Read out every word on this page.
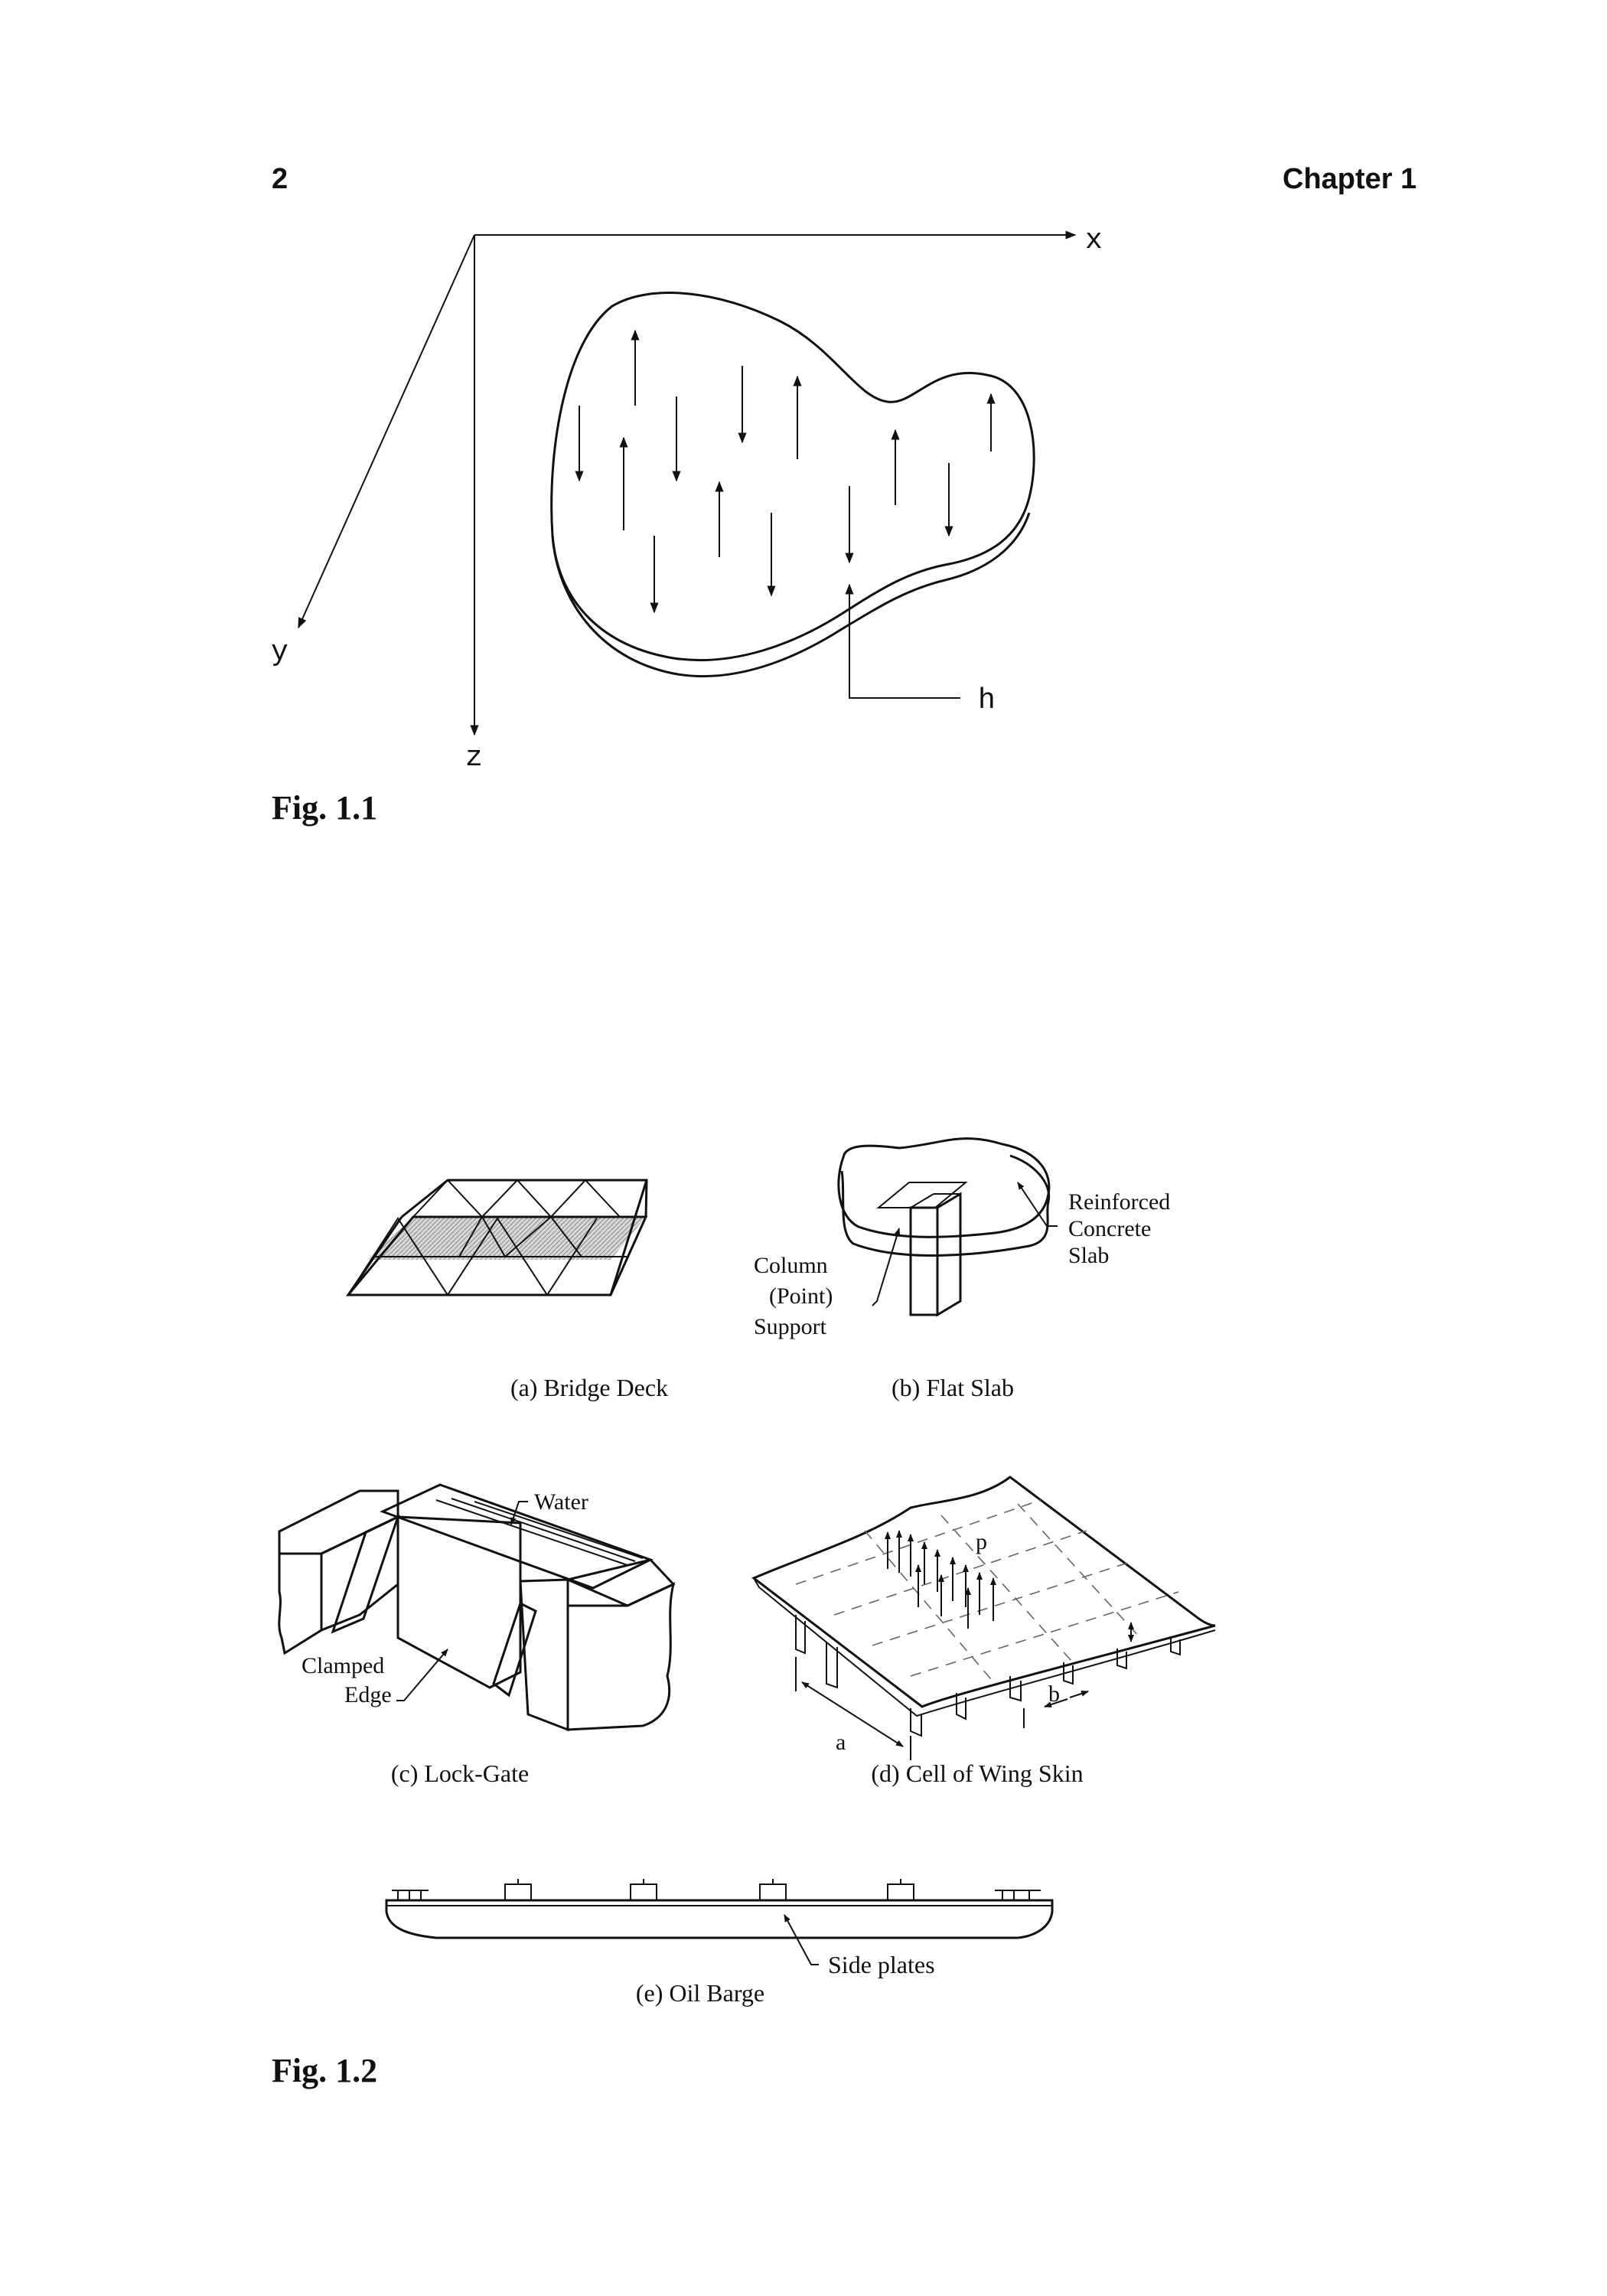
2	Chapter 1
x
y
z
h
(a) Bridge Deck
Reinforced
Concrete
Slab
Column
(Point)
Support
(b) Flat Slab
Water
Clamped
Edge
(c) Lock-Gate
p
a
b
(d) Cell of Wing Skin
Side plates
(e) Oil Barge
Fig. 1.1
Fig. 1.2
